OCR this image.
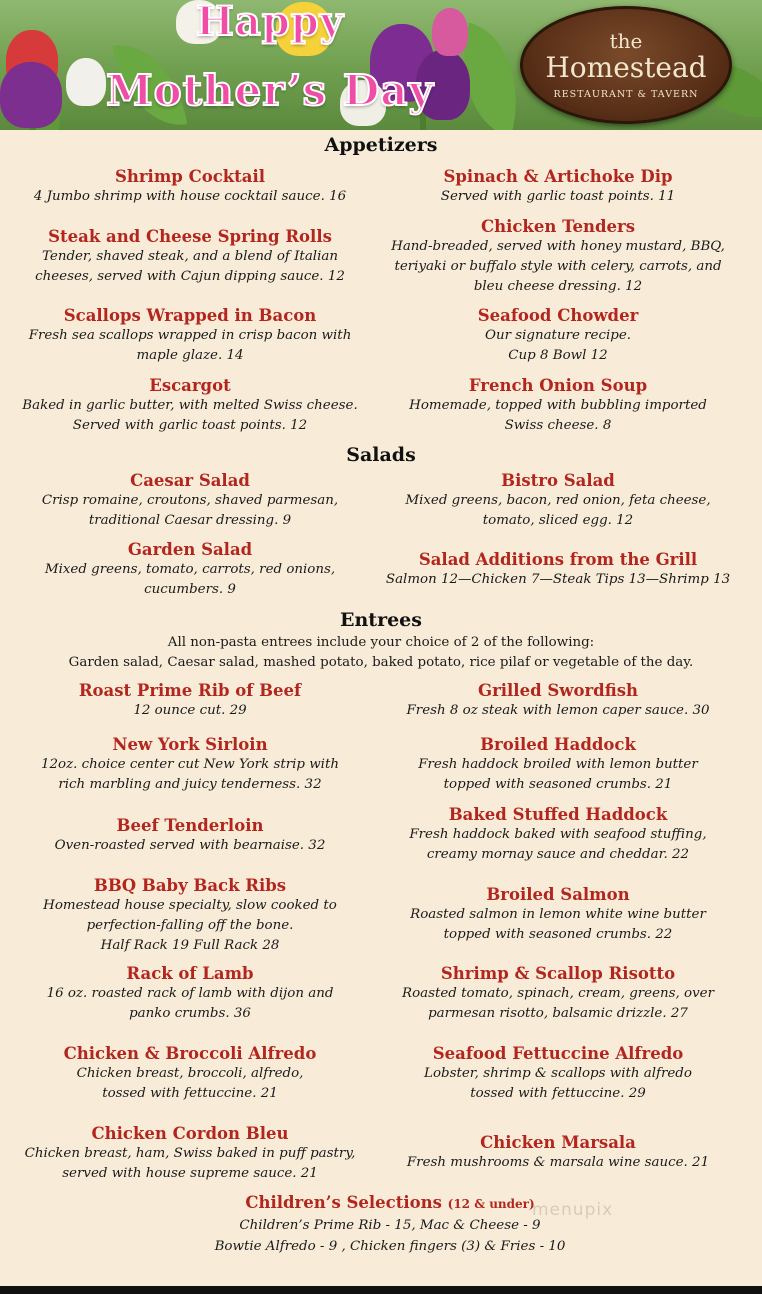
Happy
Mother’s Day
the
Homestead
RESTAURANT & TAVERN
Appetizers
Shrimp Cocktail
4 Jumbo shrimp with house cocktail sauce. 16
Steak and Cheese Spring Rolls
Tender, shaved steak, and a blend of Italian
cheeses, served with Cajun dipping sauce. 12
Scallops Wrapped in Bacon
Fresh sea scallops wrapped in crisp bacon with
maple glaze. 14
Escargot
Baked in garlic butter, with melted Swiss cheese.
Served with garlic toast points. 12
Spinach & Artichoke Dip
Served with garlic toast points. 11
Chicken Tenders
Hand-breaded, served with honey mustard, BBQ,
teriyaki or buffalo style with celery, carrots, and
bleu cheese dressing. 12
Seafood Chowder
Our signature recipe.
Cup 8 Bowl 12
French Onion Soup
Homemade, topped with bubbling imported
Swiss cheese. 8
Salads
Caesar Salad
Crisp romaine, croutons, shaved parmesan,
traditional Caesar dressing. 9
Garden Salad
Mixed greens, tomato, carrots, red onions,
cucumbers. 9
Bistro Salad
Mixed greens, bacon, red onion, feta cheese,
tomato, sliced egg. 12
Salad Additions from the Grill
Salmon 12—Chicken 7—Steak Tips 13—Shrimp 13
Entrees
All non-pasta entrees include your choice of 2 of the following:
Garden salad, Caesar salad, mashed potato, baked potato, rice pilaf or vegetable of the day.
Roast Prime Rib of Beef
12 ounce cut. 29
New York Sirloin
12oz. choice center cut New York strip with
rich marbling and juicy tenderness. 32
Beef Tenderloin
Oven-roasted served with bearnaise. 32
BBQ Baby Back Ribs
Homestead house specialty, slow cooked to
perfection-falling off the bone.
Half Rack 19 Full Rack 28
Rack of Lamb
16 oz. roasted rack of lamb with dijon and
panko crumbs. 36
Chicken & Broccoli Alfredo
Chicken breast, broccoli, alfredo,
tossed with fettuccine. 21
Chicken Cordon Bleu
Chicken breast, ham, Swiss baked in puff pastry,
served with house supreme sauce. 21
Grilled Swordfish
Fresh 8 oz steak with lemon caper sauce. 30
Broiled Haddock
Fresh haddock broiled with lemon butter
topped with seasoned crumbs. 21
Baked Stuffed Haddock
Fresh haddock baked with seafood stuffing,
creamy mornay sauce and cheddar. 22
Broiled Salmon
Roasted salmon in lemon white wine butter
topped with seasoned crumbs. 22
Shrimp & Scallop Risotto
Roasted tomato, spinach, cream, greens, over
parmesan risotto, balsamic drizzle. 27
Seafood Fettuccine Alfredo
Lobster, shrimp & scallops with alfredo
tossed with fettuccine. 29
Chicken Marsala
Fresh mushrooms & marsala wine sauce. 21
Children’s Selections (12 & under)
Children’s Prime Rib - 15, Mac & Cheese - 9
Bowtie Alfredo - 9 , Chicken fingers (3) & Fries - 10
menupix
